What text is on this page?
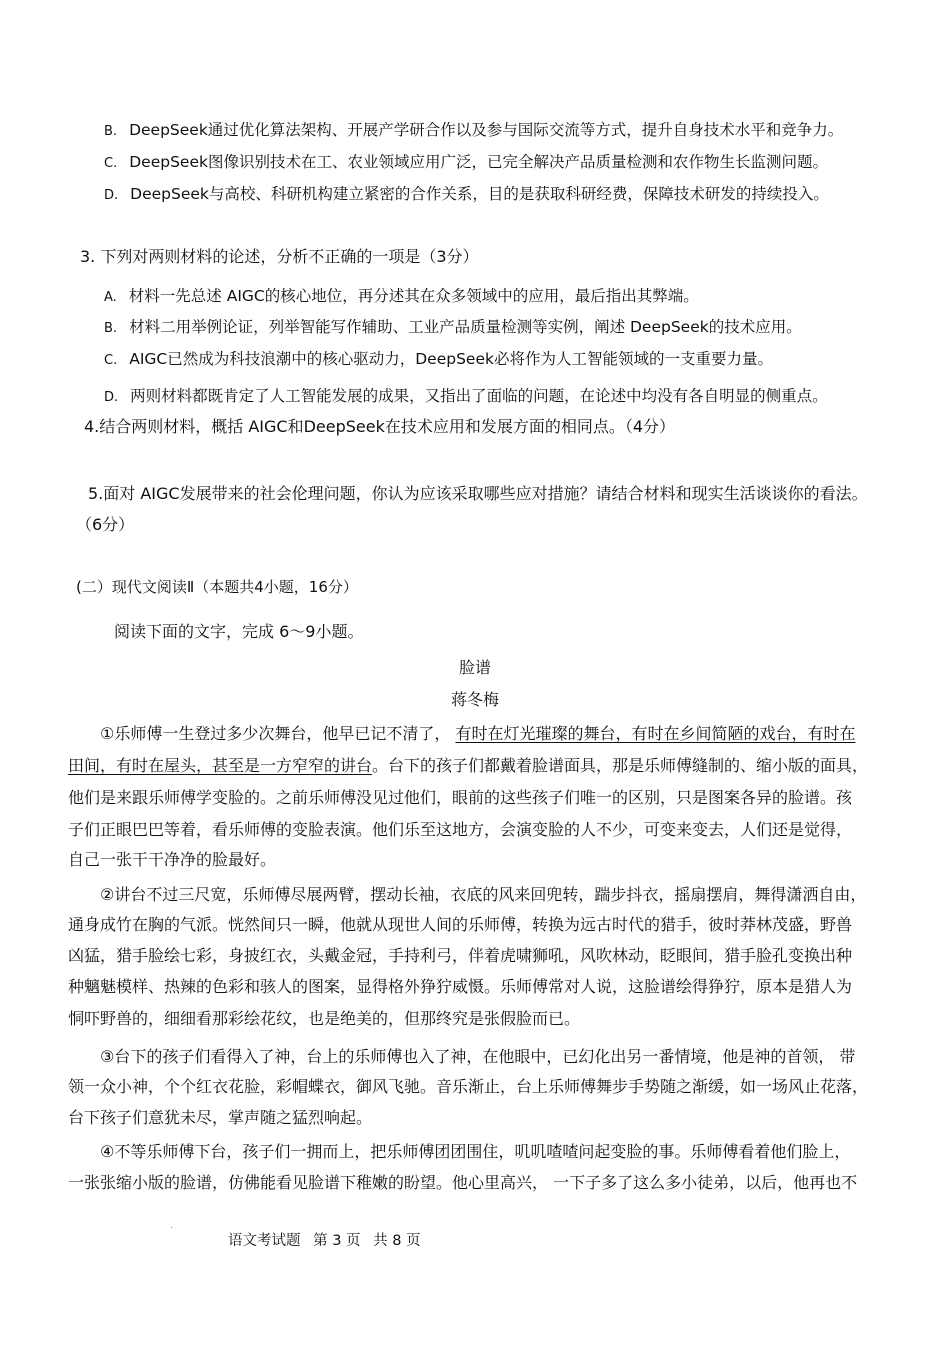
B. DeepSeek通过优化算法架构、开展产学研合作以及参与国际交流等方式，提升自身技术水平和竞争力。
C. DeepSeek图像识别技术在工、农业领域应用广泛，已完全解决产品质量检测和农作物生长监测问题。
D. DeepSeek与高校、科研机构建立紧密的合作关系，目的是获取科研经费，保障技术研发的持续投入。
3. 下列对两则材料的论述，分析不正确的一项是（3分）
A. 材料一先总述 AIGC的核心地位，再分述其在众多领域中的应用，最后指出其弊端。
B. 材料二用举例论证，列举智能写作辅助、工业产品质量检测等实例，阐述 DeepSeek的技术应用。
C. AIGC已然成为科技浪潮中的核心驱动力，DeepSeek必将作为人工智能领域的一支重要力量。
D. 两则材料都既肯定了人工智能发展的成果，又指出了面临的问题，在论述中均没有各自明显的侧重点。
4.结合两则材料，概括 AIGC和DeepSeek在技术应用和发展方面的相同点。（4分）
5.面对 AIGC发展带来的社会伦理问题，你认为应该采取哪些应对措施？请结合材料和现实生活谈谈你的看法。
（6分）
(二）现代文阅读Ⅱ（本题共4小题，16分）
阅读下面的文字，完成 6～9小题。
脸谱
蒋冬梅
①乐师傅一生登过多少次舞台，他早已记不清了， 有时在灯光璀璨的舞台，有时在乡间简陋的戏台，有时在
田间，有时在屋头，甚至是一方窄窄的讲台。台下的孩子们都戴着脸谱面具，那是乐师傅缝制的、缩小版的面具，
他们是来跟乐师傅学变脸的。之前乐师傅没见过他们，眼前的这些孩子们唯一的区别，只是图案各异的脸谱。孩
子们正眼巴巴等着，看乐师傅的变脸表演。他们乐至这地方，会演变脸的人不少，可变来变去，人们还是觉得，
自己一张干干净净的脸最好。
②讲台不过三尺宽，乐师傅尽展两臂，摆动长袖，衣底的风来回兜转，踹步抖衣，摇扇摆肩，舞得潇洒自由，
通身成竹在胸的气派。恍然间只一瞬，他就从现世人间的乐师傅，转换为远古时代的猎手，彼时莽林茂盛，野兽
凶猛，猎手脸绘七彩，身披红衣，头戴金冠，手持利弓，伴着虎啸狮吼，风吹林动，眨眼间，猎手脸孔变换出种
种魑魅模样、热辣的色彩和骇人的图案，显得格外狰狞威慑。乐师傅常对人说，这脸谱绘得狰狞，原本是猎人为
恫吓野兽的，细细看那彩绘花纹，也是绝美的，但那终究是张假脸而已。
③台下的孩子们看得入了神，台上的乐师傅也入了神，在他眼中，已幻化出另一番情境，他是神的首领， 带
领一众小神，个个红衣花脸，彩帽蝶衣，御风飞驰。音乐渐止，台上乐师傅舞步手势随之渐缓，如一场风止花落，
台下孩子们意犹未尽，掌声随之猛烈响起。
④不等乐师傅下台，孩子们一拥而上，把乐师傅团团围住，叽叽喳喳问起变脸的事。乐师傅看着他们脸上，
一张张缩小版的脸谱，仿佛能看见脸谱下稚嫩的盼望。他心里高兴， 一下子多了这么多小徒弟，以后，他再也不
.
语文考试题 第 3 页 共 8 页
